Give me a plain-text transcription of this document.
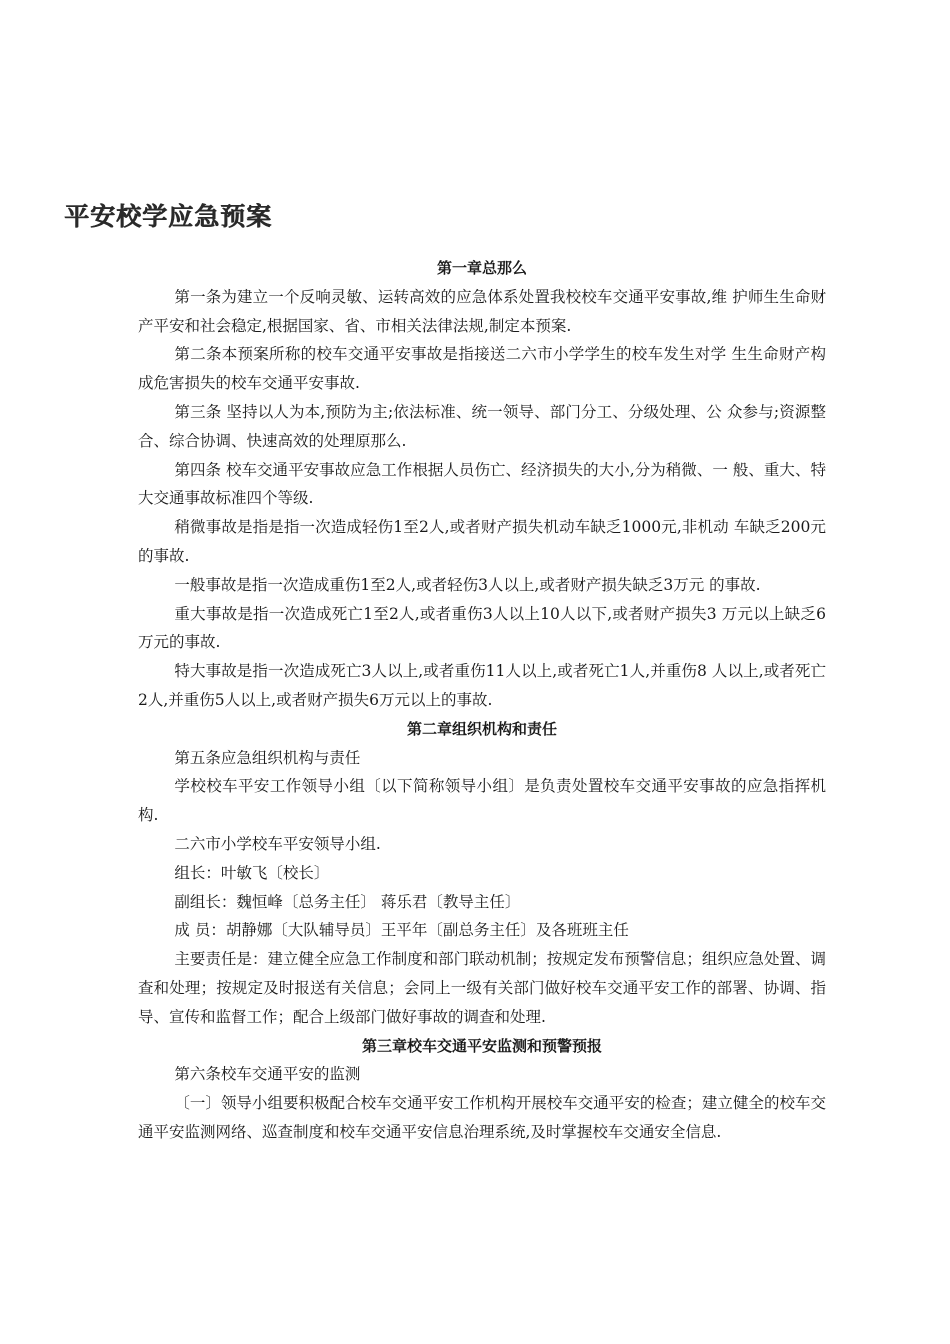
平安校学应急预案

第一章总那么

第一条为建立一个反响灵敏、运转高效的应急体系处置我校校车交通平安事故,维 护师生生命财产平安和社会稳定,根据国家、省、市相关法律法规,制定本预案.

第二条本预案所称的校车交通平安事故是指接送二六市小学学生的校车发生对学 生生命财产构成危害损失的校车交通平安事故.

第三条 坚持以人为本,预防为主;依法标准、统一领导、部门分工、分级处理、公 众参与;资源整合、综合协调、快速高效的处理原那么.

第四条 校车交通平安事故应急工作根据人员伤亡、经济损失的大小,分为稍微、一 般、重大、特大交通事故标准四个等级.

稍微事故是指是指一次造成轻伤1至2人,或者财产损失机动车缺乏1000元,非机动 车缺乏200元的事故.

一般事故是指一次造成重伤1至2人,或者轻伤3人以上,或者财产损失缺乏3万元 的事故.

重大事故是指一次造成死亡1至2人,或者重伤3人以上10人以下,或者财产损失3 万元以上缺乏6万元的事故.

特大事故是指一次造成死亡3人以上,或者重伤11人以上,或者死亡1人,并重伤8 人以上,或者死亡2人,并重伤5人以上,或者财产损失6万元以上的事故.

第二章组织机构和责任

第五条应急组织机构与责任

学校校车平安工作领导小组〔以下简称领导小组〕是负责处置校车交通平安事故的应急指挥机构.

二六市小学校车平安领导小组.

组长：叶敏飞〔校长〕

副组长：魏恒峰〔总务主任〕 蒋乐君〔教导主任〕

成 员：胡静娜〔大队辅导员〕王平年〔副总务主任〕及各班班主任

主要责任是：建立健全应急工作制度和部门联动机制；按规定发布预警信息；组织应急处置、调查和处理；按规定及时报送有关信息；会同上一级有关部门做好校车交通平安工作的部署、协调、指导、宣传和监督工作；配合上级部门做好事故的调查和处理.

第三章校车交通平安监测和预警预报

第六条校车交通平安的监测

〔一〕领导小组要积极配合校车交通平安工作机构开展校车交通平安的检查；建立健全的校车交通平安监测网络、巡查制度和校车交通平安信息治理系统,及时掌握校车交通安全信息.
